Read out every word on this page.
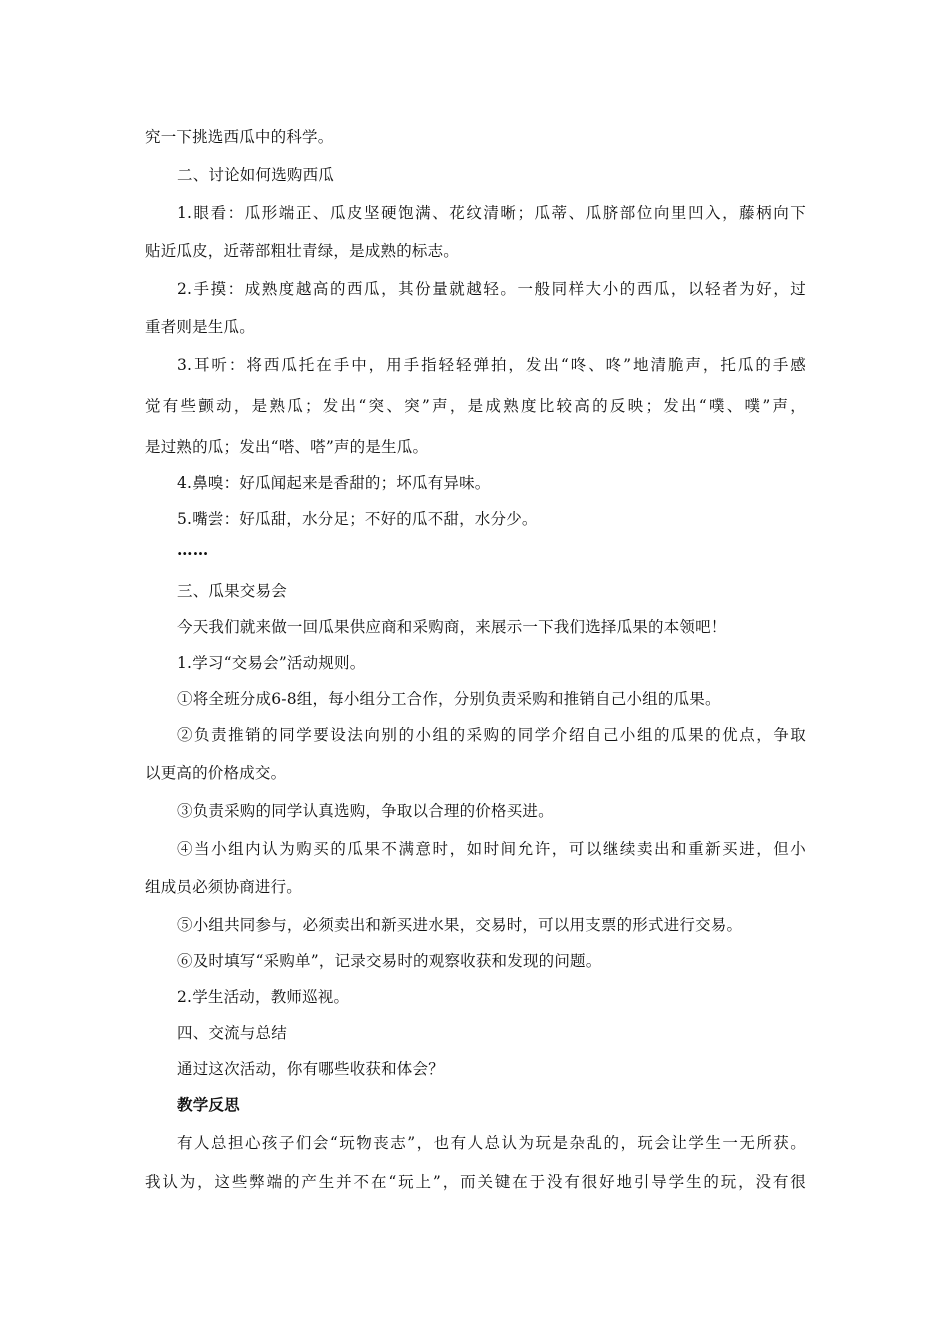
究一下挑选西瓜中的科学。
二、讨论如何选购西瓜
1.眼看：瓜形端正、瓜皮坚硬饱满、花纹清晰；瓜蒂、瓜脐部位向里凹入，藤柄向下
贴近瓜皮，近蒂部粗壮青绿，是成熟的标志。
2.手摸：成熟度越高的西瓜，其份量就越轻。一般同样大小的西瓜，以轻者为好，过
重者则是生瓜。
3.耳听：将西瓜托在手中，用手指轻轻弹拍，发出“咚、咚”地清脆声，托瓜的手感
觉有些颤动，是熟瓜；发出“突、突”声，是成熟度比较高的反映；发出“噗、噗”声，
是过熟的瓜；发出“嗒、嗒”声的是生瓜。
4.鼻嗅：好瓜闻起来是香甜的；坏瓜有异味。
5.嘴尝：好瓜甜，水分足；不好的瓜不甜，水分少。
……
三、瓜果交易会
今天我们就来做一回瓜果供应商和采购商，来展示一下我们选择瓜果的本领吧！
1.学习“交易会”活动规则。
①将全班分成6-8组，每小组分工合作，分别负责采购和推销自己小组的瓜果。
②负责推销的同学要设法向别的小组的采购的同学介绍自己小组的瓜果的优点，争取
以更高的价格成交。
③负责采购的同学认真选购，争取以合理的价格买进。
④当小组内认为购买的瓜果不满意时，如时间允许，可以继续卖出和重新买进，但小
组成员必须协商进行。
⑤小组共同参与，必须卖出和新买进水果，交易时，可以用支票的形式进行交易。
⑥及时填写“采购单”，记录交易时的观察收获和发现的问题。
2.学生活动，教师巡视。
四、交流与总结
通过这次活动，你有哪些收获和体会？
教学反思
有人总担心孩子们会“玩物丧志”，也有人总认为玩是杂乱的，玩会让学生一无所获。
我认为，这些弊端的产生并不在“玩上”，而关键在于没有很好地引导学生的玩，没有很
